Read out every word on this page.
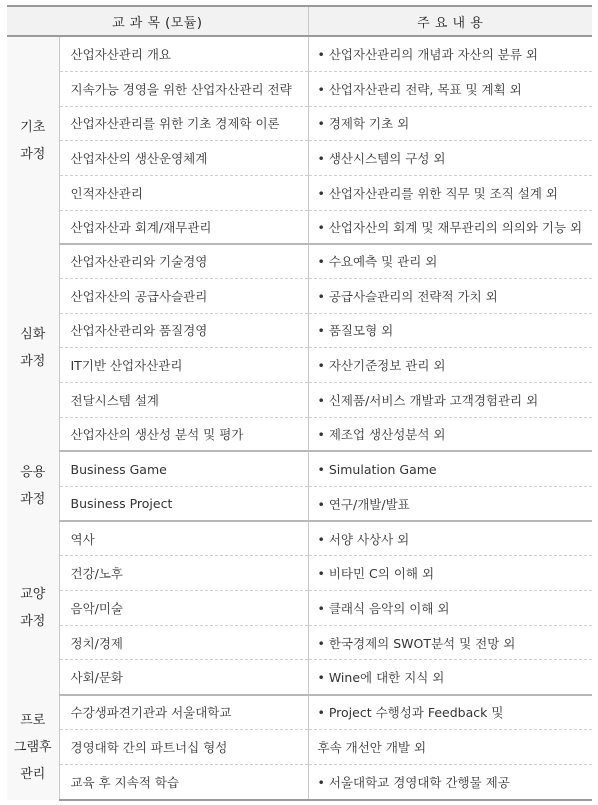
교 과 목 (모듈)		주 요 내 용
기초
과정	산업자산관리 개요	• 산업자산관리의 개념과 자산의 분류 외
	지속가능 경영을 위한 산업자산관리 전략	• 산업자산관리 전략, 목표 및 계획 외
	산업자산관리를 위한 기초 경제학 이론	• 경제학 기초 외
	산업자산의 생산운영체계	• 생산시스템의 구성 외
	인적자산관리	• 산업자산관리를 위한 직무 및 조직 설계 외
	산업자산과 회계/재무관리	• 산업자산의 회계 및 재무관리의 의의와 기능 외
심화
과정	산업자산관리와 기술경영	• 수요예측 및 관리 외
	산업자산의 공급사슬관리	• 공급사슬관리의 전략적 가치 외
	산업자산관리와 품질경영	• 품질모형 외
	IT기반 산업자산관리	• 자산기준정보 관리 외
	전달시스템 설계	• 신제품/서비스 개발과 고객경험관리 외
	산업자산의 생산성 분석 및 평가	• 제조업 생산성분석 외
응용
과정	Business Game	• Simulation Game
	Business Project	• 연구/개발/발표
교양
과정	역사	• 서양 사상사 외
	건강/노후	• 비타민 C의 이해 외
	음악/미술	• 클래식 음악의 이해 외
	정치/경제	• 한국경제의 SWOT분석 및 전망 외
	사회/문화	• Wine에 대한 지식 외
프로
그램후
관리	수강생파견기관과 서울대학교	• Project 수행성과 Feedback 및
	경영대학 간의 파트너십 형성	후속 개선안 개발 외
	교육 후 지속적 학습	• 서울대학교 경영대학 간행물 제공
